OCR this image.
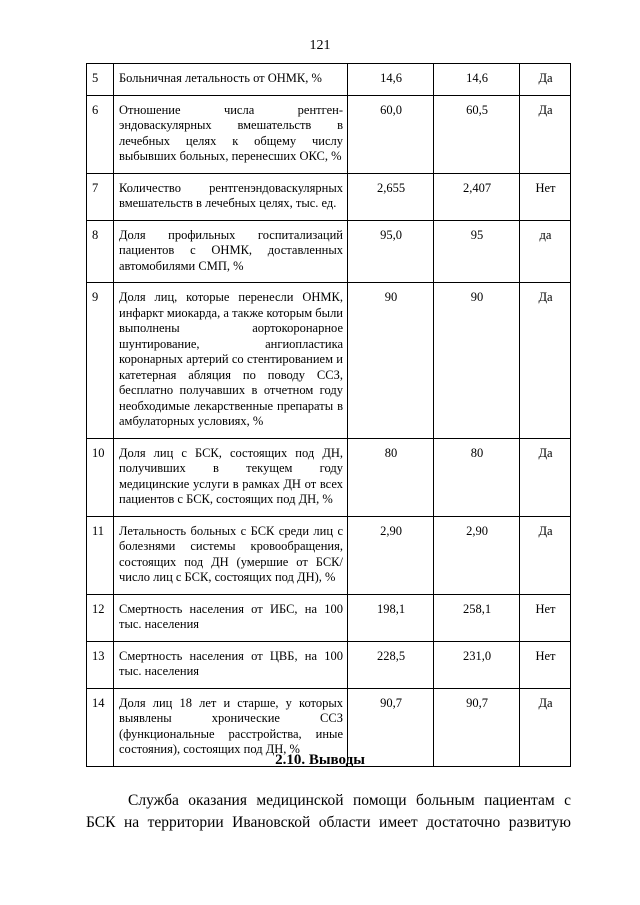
121
5	Больничная летальность от ОНМК, %	14,6	14,6	Да
6	Отношение числа рентген-эндоваскулярных вмешательств в лечебных целях к общему числу выбывших больных, перенесших ОКС, %	60,0	60,5	Да
7	Количество рентгенэндоваскулярных вмешательств в лечебных целях, тыс. ед.	2,655	2,407	Нет
8	Доля профильных госпитализаций пациентов с ОНМК, доставленных автомобилями СМП, %	95,0	95	да
9	Доля лиц, которые перенесли ОНМК, инфаркт миокарда, а также которым были выполнены аортокоронарное шунтирование, ангиопластика коронарных артерий со стентированием и катетерная абляция по поводу ССЗ, бесплатно получавших в отчетном году необходимые лекарственные препараты в амбулаторных условиях, %	90	90	Да
10	Доля лиц с БСК, состоящих под ДН, получивших в текущем году медицинские услуги в рамках ДН от всех пациентов с БСК, состоящих под ДН, %	80	80	Да
11	Летальность больных с БСК среди лиц с болезнями системы кровообращения, состоящих под ДН (умершие от БСК/число лиц с БСК, состоящих под ДН), %	2,90	2,90	Да
12	Смертность населения от ИБС, на 100 тыс. населения	198,1	258,1	Нет
13	Смертность населения от ЦВБ, на 100 тыс. населения	228,5	231,0	Нет
14	Доля лиц 18 лет и старше, у которых выявлены хронические ССЗ (функциональные расстройства, иные состояния), состоящих под ДН, %	90,7	90,7	Да
2.10. Выводы
Служба оказания медицинской помощи больным пациентам с БСК на территории Ивановской области имеет достаточно развитую
